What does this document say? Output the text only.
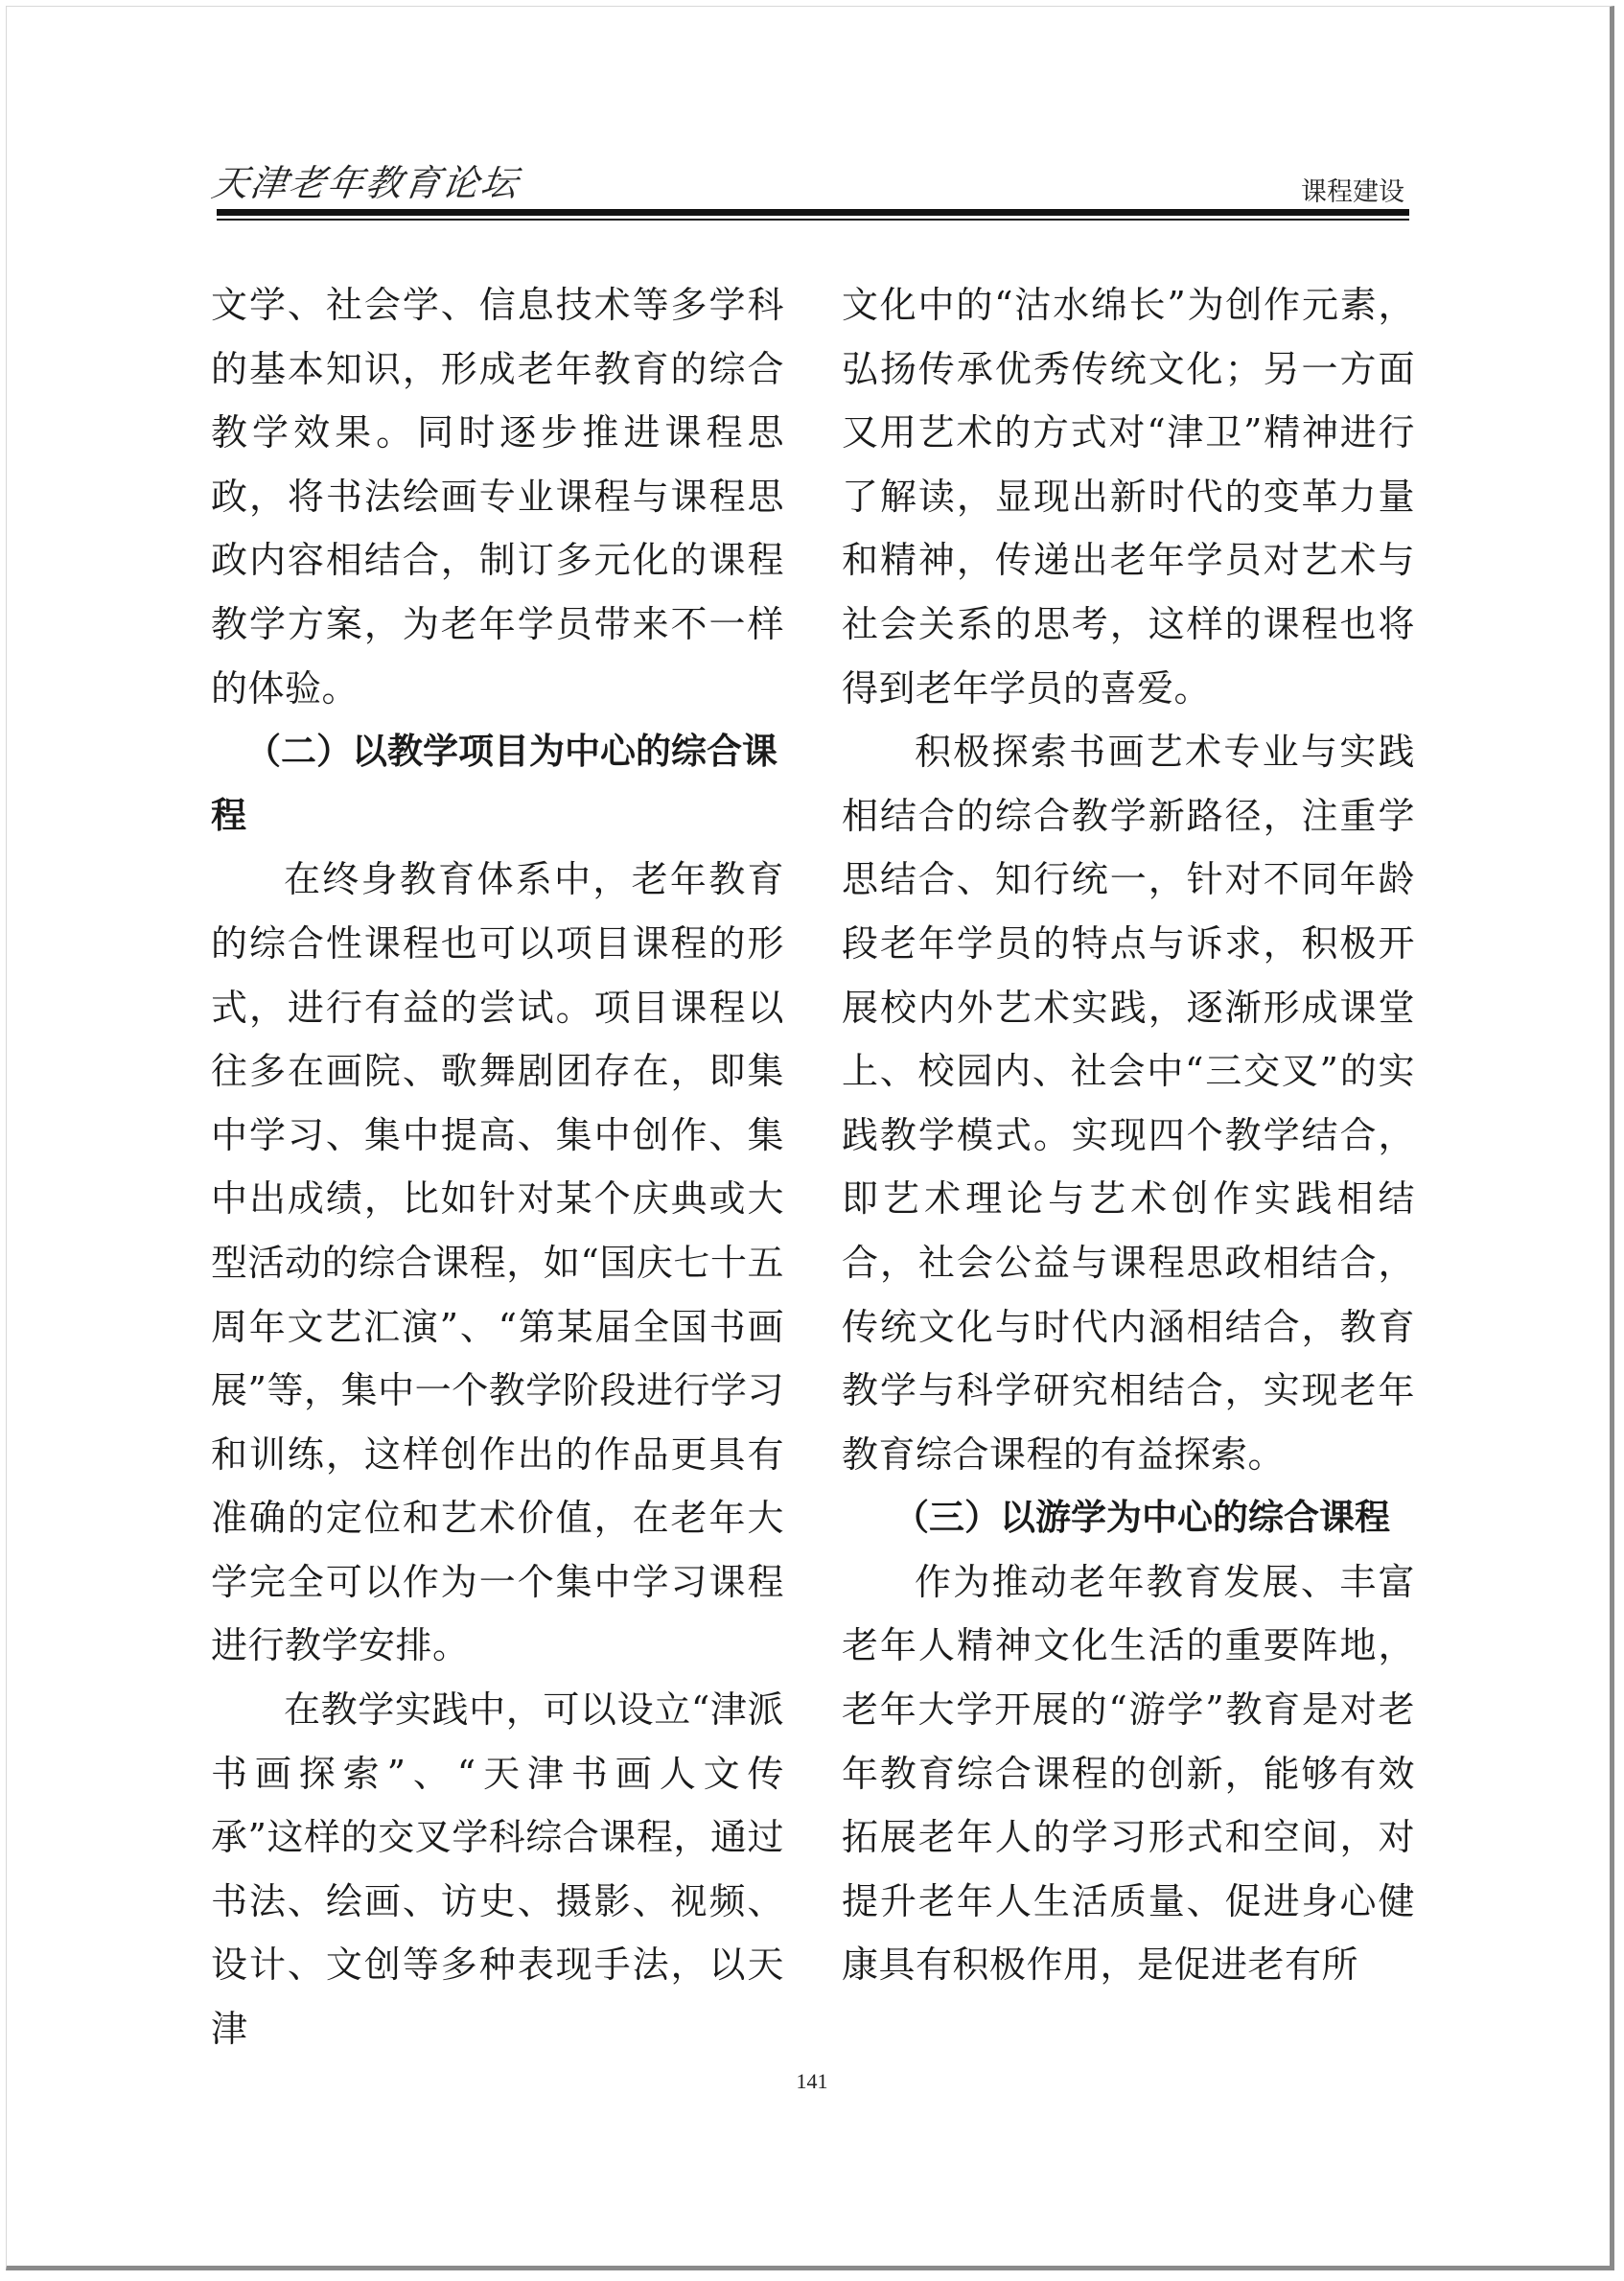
天津老年教育论坛	课程建设

文学、社会学、信息技术等多学科的基本知识，形成老年教育的综合教学效果。同时逐步推进课程思政，将书法绘画专业课程与课程思政内容相结合，制订多元化的课程教学方案，为老年学员带来不一样的体验。

（二）以教学项目为中心的综合课程

在终身教育体系中，老年教育的综合性课程也可以项目课程的形式，进行有益的尝试。项目课程以往多在画院、歌舞剧团存在，即集中学习、集中提高、集中创作、集中出成绩，比如针对某个庆典或大型活动的综合课程，如“国庆七十五周年文艺汇演”、“第某届全国书画展”等，集中一个教学阶段进行学习和训练，这样创作出的作品更具有准确的定位和艺术价值，在老年大学完全可以作为一个集中学习课程进行教学安排。

在教学实践中，可以设立“津派书画探索”、“天津书画人文传承”这样的交叉学科综合课程，通过书法、绘画、访史、摄影、视频、设计、文创等多种表现手法，以天津

文化中的“沽水绵长”为创作元素，弘扬传承优秀传统文化；另一方面又用艺术的方式对“津卫”精神进行了解读，显现出新时代的变革力量和精神，传递出老年学员对艺术与社会关系的思考，这样的课程也将得到老年学员的喜爱。

积极探索书画艺术专业与实践相结合的综合教学新路径，注重学思结合、知行统一，针对不同年龄段老年学员的特点与诉求，积极开展校内外艺术实践，逐渐形成课堂上、校园内、社会中“三交叉”的实践教学模式。实现四个教学结合，即艺术理论与艺术创作实践相结合，社会公益与课程思政相结合，传统文化与时代内涵相结合，教育教学与科学研究相结合，实现老年教育综合课程的有益探索。

（三）以游学为中心的综合课程

作为推动老年教育发展、丰富老年人精神文化生活的重要阵地，老年大学开展的“游学”教育是对老年教育综合课程的创新，能够有效拓展老年人的学习形式和空间，对提升老年人生活质量、促进身心健康具有积极作用，是促进老有所

141
